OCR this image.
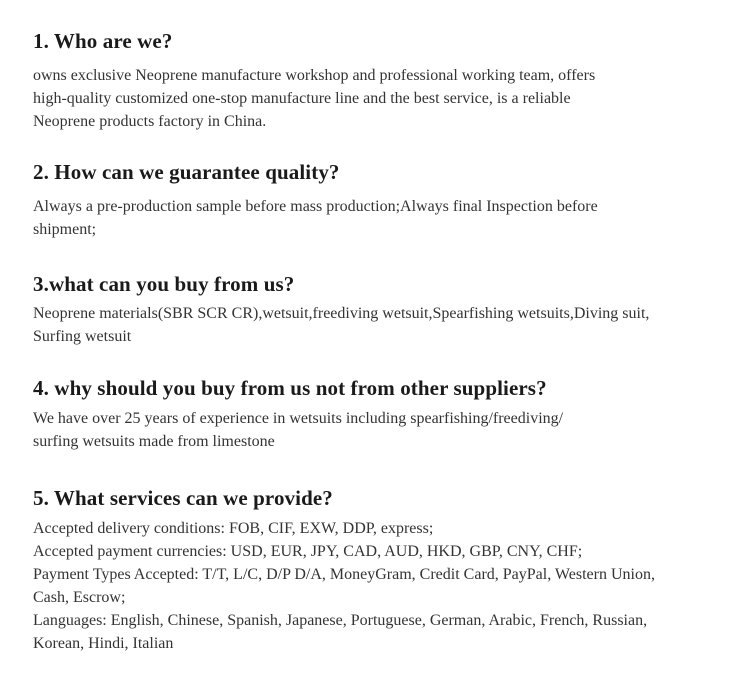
1. Who are we?

owns exclusive Neoprene manufacture workshop and professional working team, offers

high-quality customized one-stop manufacture line and the best service, is a reliable

Neoprene products factory in China.

2. How can we guarantee quality?

Always a pre-production sample before mass production;Always final Inspection before

shipment;

3.what can you buy from us?

Neoprene materials(SBR SCR CR),wetsuit,freediving wetsuit,Spearfishing wetsuits,Diving suit,

Surfing wetsuit

4. why should you buy from us not from other suppliers?

We have over 25 years of experience in wetsuits including spearfishing/freediving/

surfing wetsuits made from limestone

5. What services can we provide?

Accepted delivery conditions: FOB, CIF, EXW, DDP, express;

Accepted payment currencies: USD, EUR, JPY, CAD, AUD, HKD, GBP, CNY, CHF;

Payment Types Accepted: T/T, L/C, D/P D/A, MoneyGram, Credit Card, PayPal, Western Union,

Cash, Escrow;

Languages: English, Chinese, Spanish, Japanese, Portuguese, German, Arabic, French, Russian,

Korean, Hindi, Italian
